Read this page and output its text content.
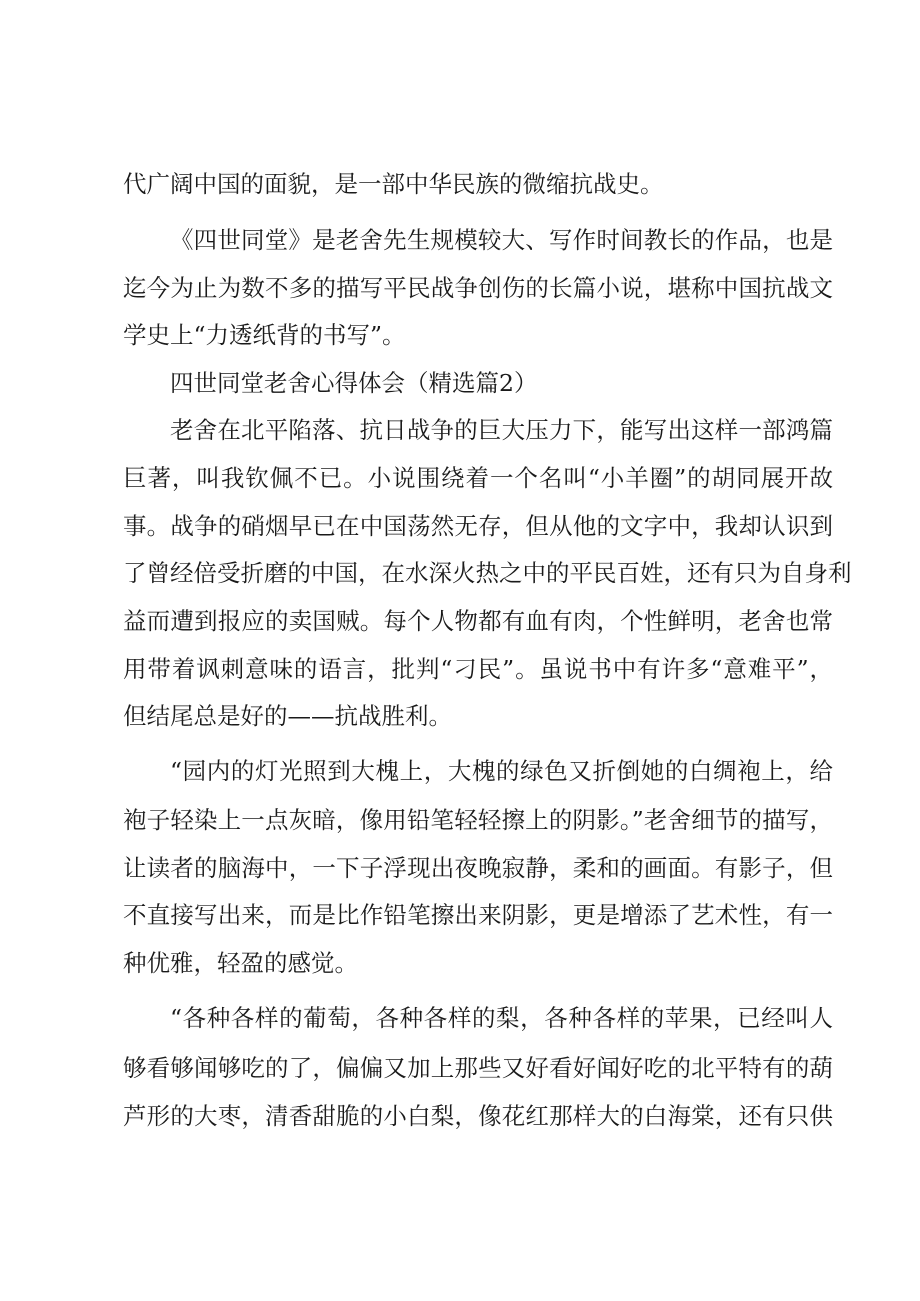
代广阔中国的面貌，是一部中华民族的微缩抗战史。
《四世同堂》是老舍先生规模较大、写作时间教长的作品，也是
迄今为止为数不多的描写平民战争创伤的长篇小说，堪称中国抗战文
学史上“力透纸背的书写”。
四世同堂老舍心得体会（精选篇2）
老舍在北平陷落、抗日战争的巨大压力下，能写出这样一部鸿篇
巨著，叫我钦佩不已。小说围绕着一个名叫“小羊圈”的胡同展开故
事。战争的硝烟早已在中国荡然无存，但从他的文字中，我却认识到
了曾经倍受折磨的中国，在水深火热之中的平民百姓，还有只为自身利
益而遭到报应的卖国贼。每个人物都有血有肉，个性鲜明，老舍也常
用带着讽刺意味的语言，批判“刁民”。虽说书中有许多“意难平”，
但结尾总是好的——抗战胜利。
“园内的灯光照到大槐上，大槐的绿色又折倒她的白绸袍上，给
袍子轻染上一点灰暗，像用铅笔轻轻擦上的阴影。”老舍细节的描写，
让读者的脑海中，一下子浮现出夜晚寂静，柔和的画面。有影子，但
不直接写出来，而是比作铅笔擦出来阴影，更是增添了艺术性，有一
种优雅，轻盈的感觉。
“各种各样的葡萄，各种各样的梨，各种各样的苹果，已经叫人
够看够闻够吃的了，偏偏又加上那些又好看好闻好吃的北平特有的葫
芦形的大枣，清香甜脆的小白梨，像花红那样大的白海棠，还有只供
